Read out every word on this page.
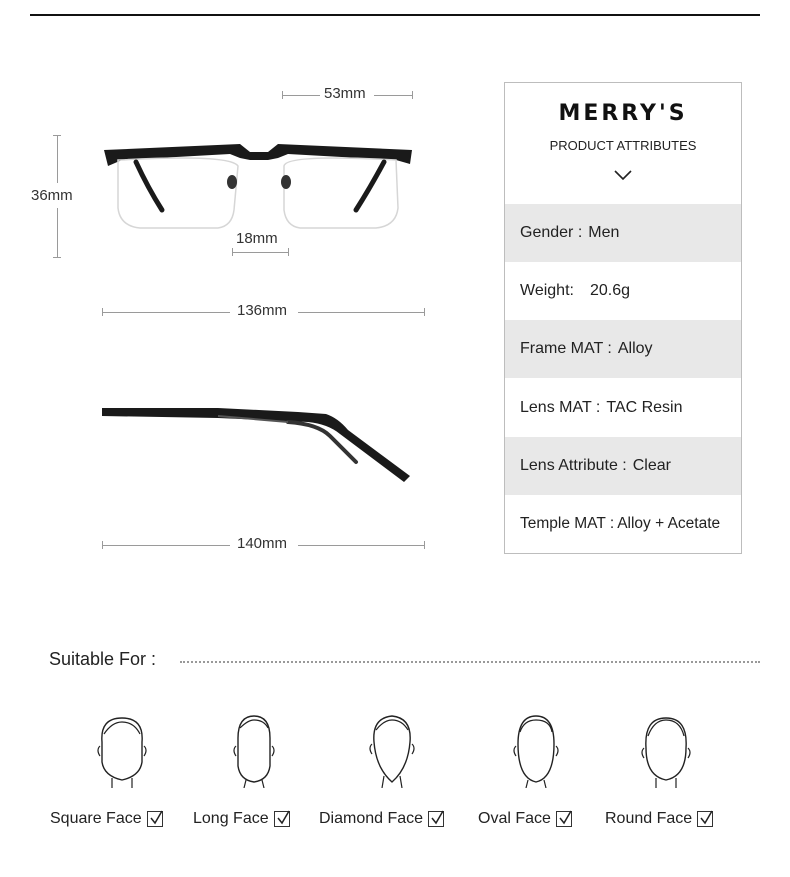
53mm
36mm
18mm
136mm
140mm
MERRY'S
PRODUCT ATTRIBUTES
Gender : Men
Weight: 20.6g
Frame MAT : Alloy
Lens MAT : TAC Resin
Lens Attribute : Clear
Temple MAT : Alloy + Acetate
Suitable For :
Square Face	Long Face	Diamond Face	Oval Face	Round Face
